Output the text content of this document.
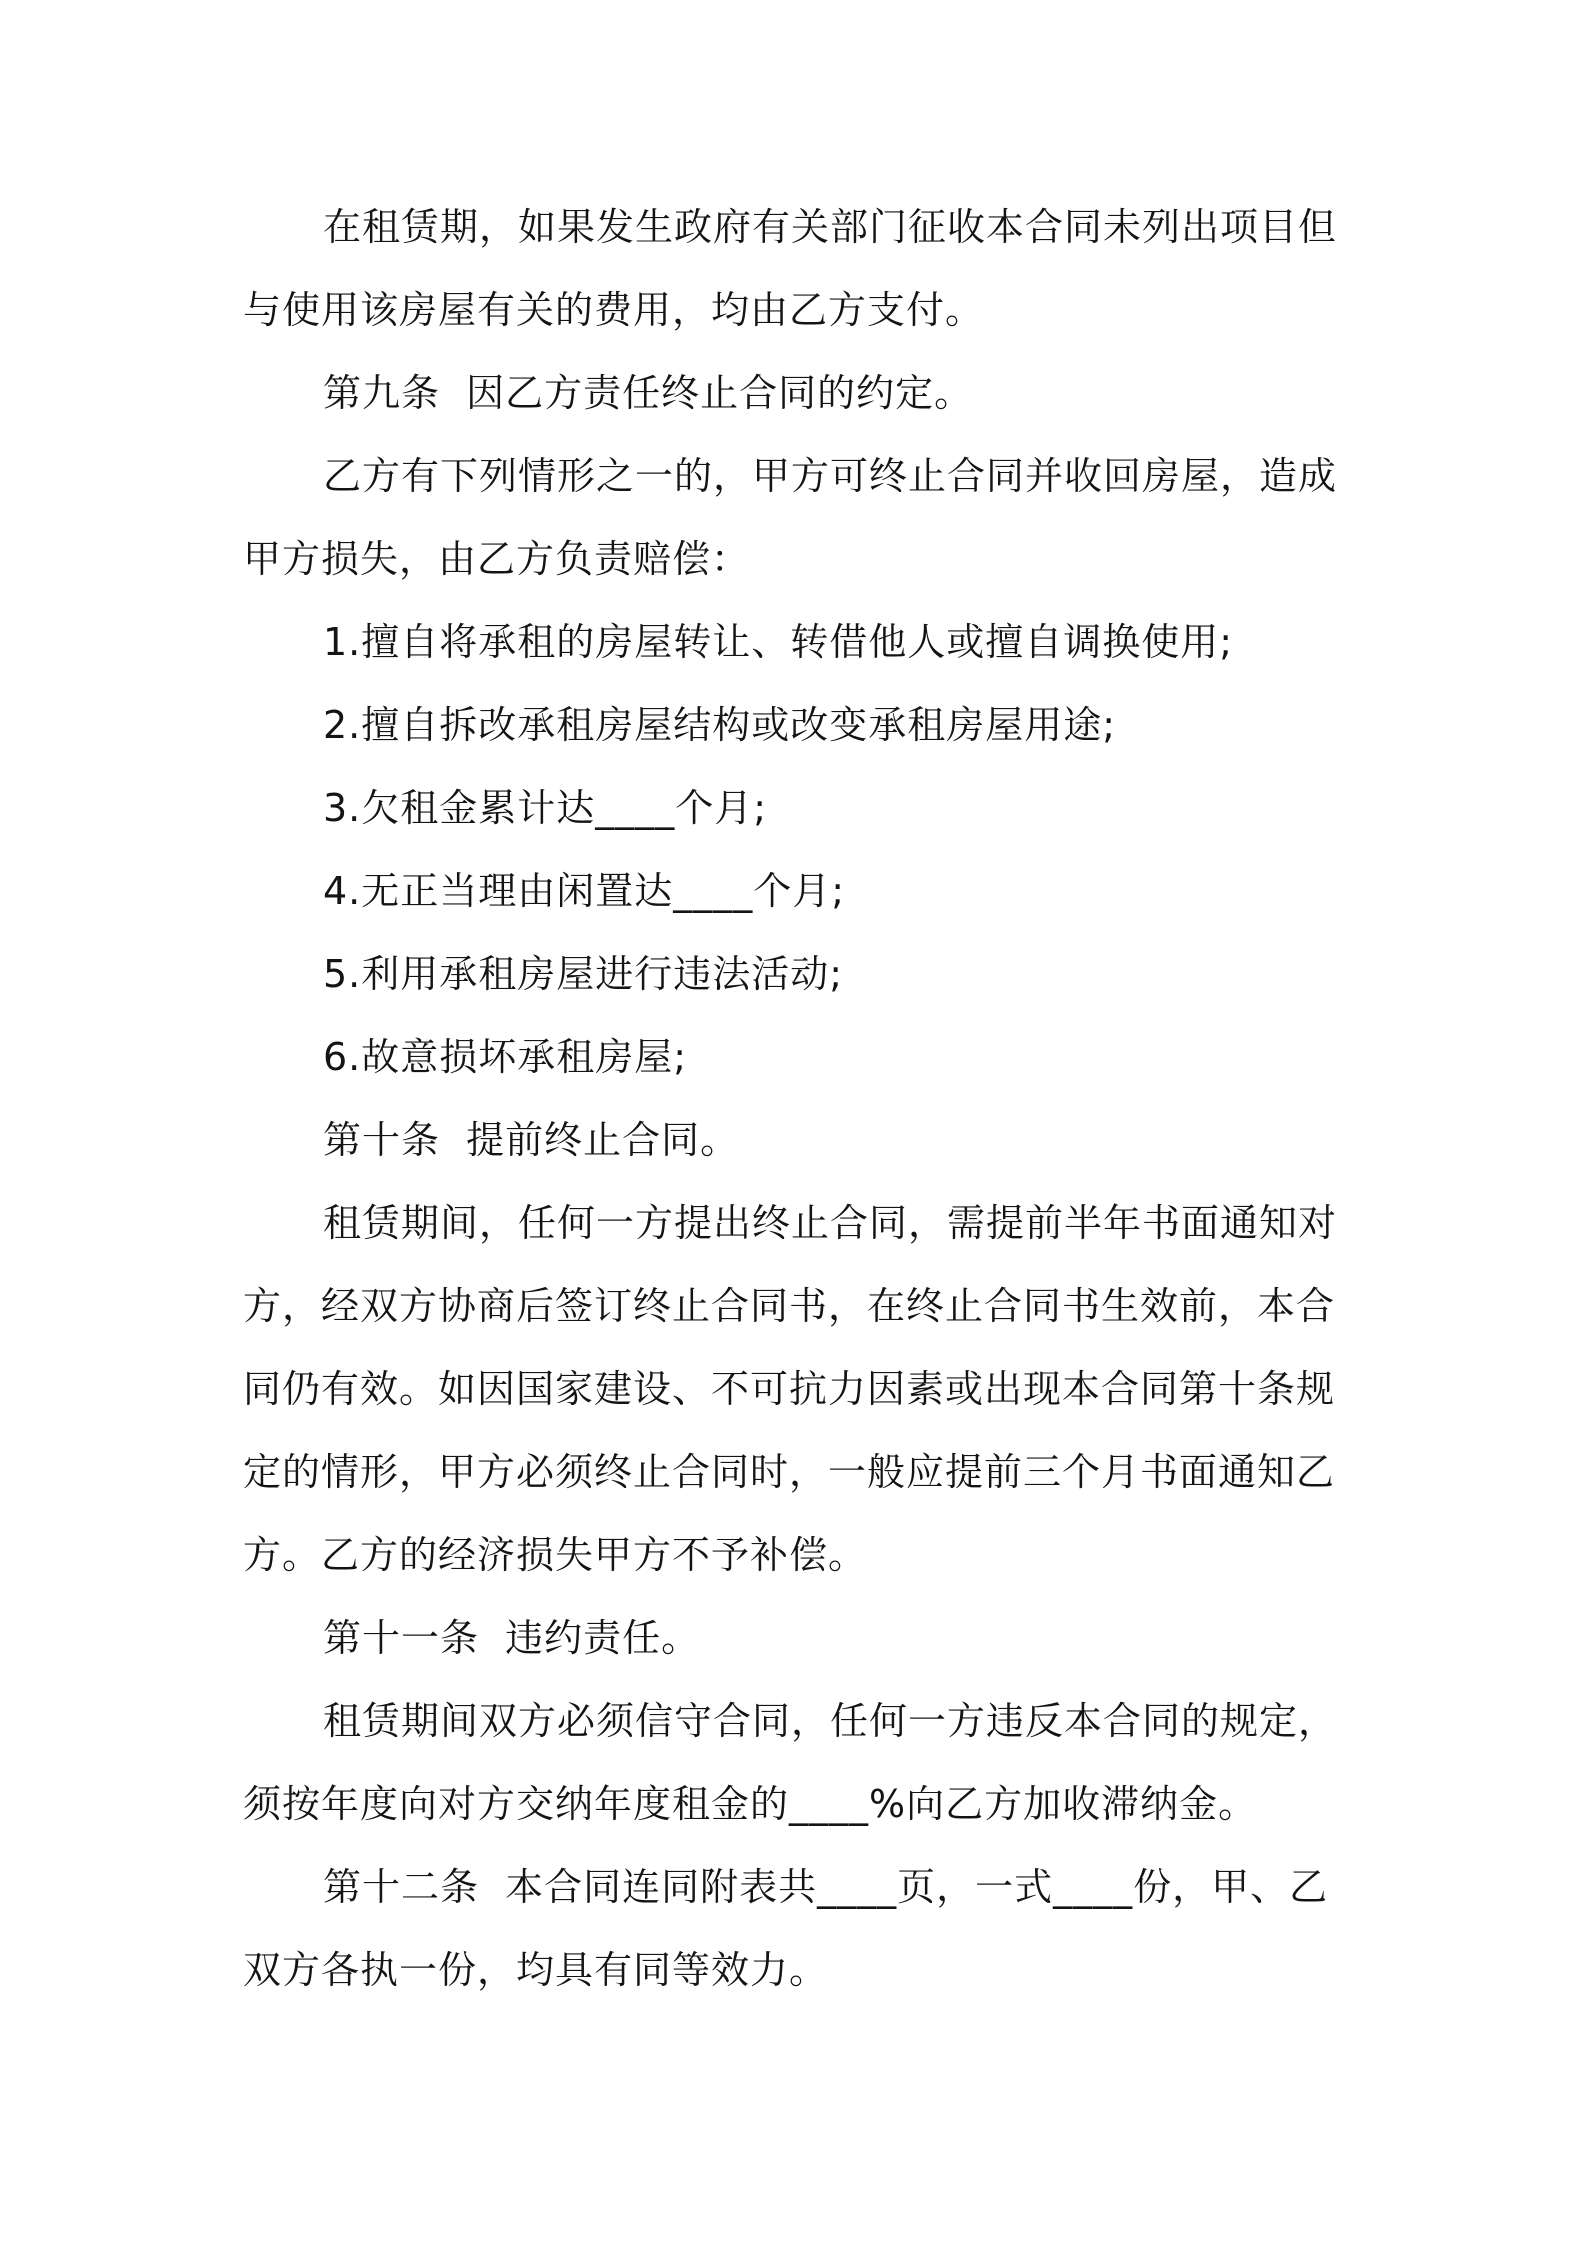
在租赁期，如果发生政府有关部门征收本合同未列出项目但与使用该房屋有关的费用，均由乙方支付。

第九条  因乙方责任终止合同的约定。

乙方有下列情形之一的，甲方可终止合同并收回房屋，造成甲方损失，由乙方负责赔偿：

1.擅自将承租的房屋转让、转借他人或擅自调换使用;

2.擅自拆改承租房屋结构或改变承租房屋用途;

3.欠租金累计达____个月;

4.无正当理由闲置达____个月;

5.利用承租房屋进行违法活动;

6.故意损坏承租房屋;

第十条  提前终止合同。

租赁期间，任何一方提出终止合同，需提前半年书面通知对方，经双方协商后签订终止合同书，在终止合同书生效前，本合同仍有效。如因国家建设、不可抗力因素或出现本合同第十条规定的情形，甲方必须终止合同时，一般应提前三个月书面通知乙方。乙方的经济损失甲方不予补偿。

第十一条  违约责任。

租赁期间双方必须信守合同，任何一方违反本合同的规定，须按年度向对方交纳年度租金的____%向乙方加收滞纳金。

第十二条  本合同连同附表共____页，一式____份，甲、乙双方各执一份，均具有同等效力。
